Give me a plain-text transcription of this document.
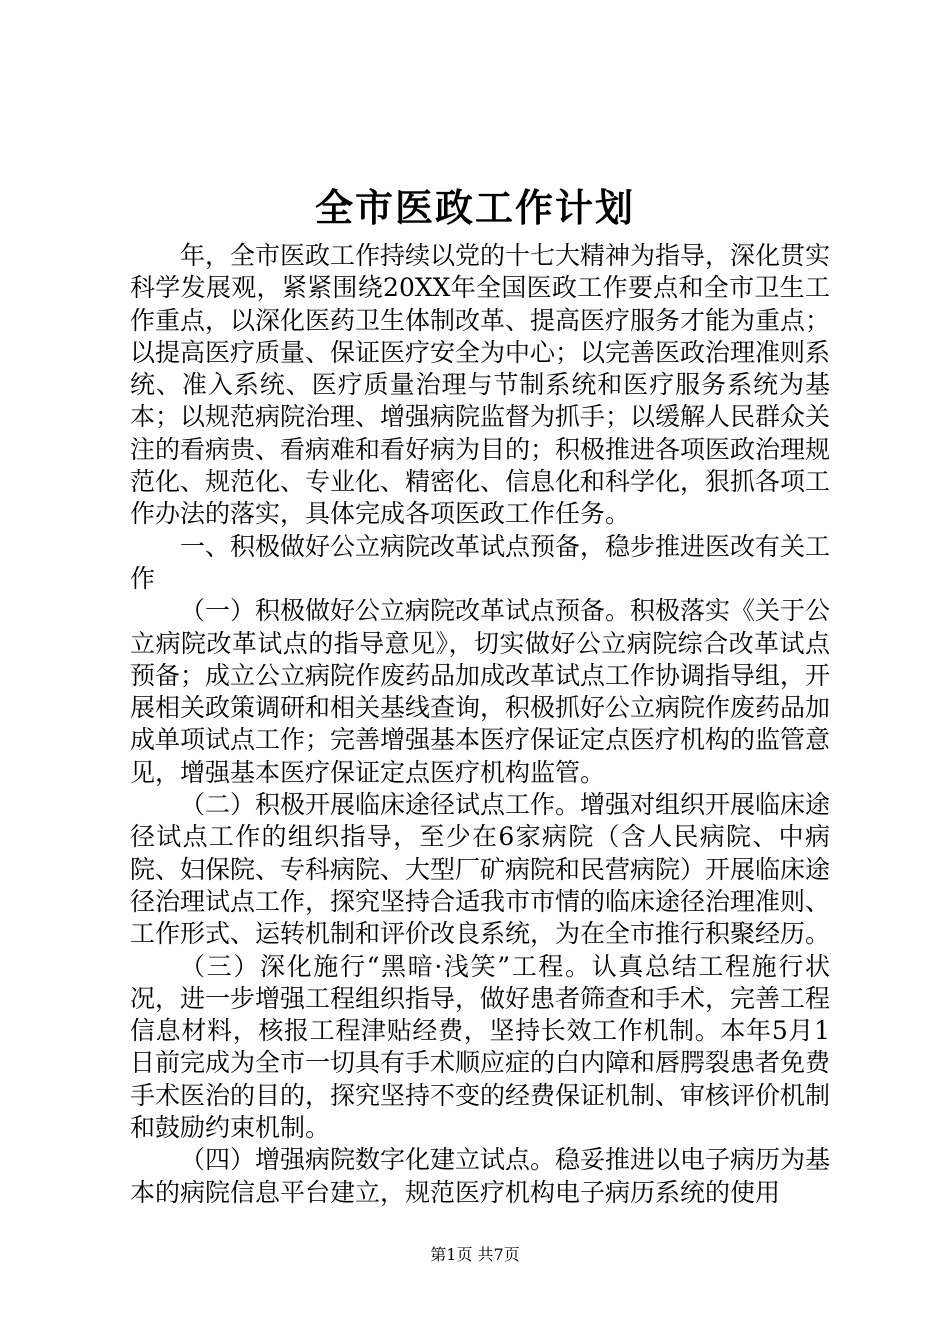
全市医政工作计划

年，全市医政工作持续以党的十七大精神为指导，深化贯实科学发展观，紧紧围绕20XX年全国医政工作要点和全市卫生工作重点，以深化医药卫生体制改革、提高医疗服务才能为重点；以提高医疗质量、保证医疗安全为中心；以完善医政治理准则系统、准入系统、医疗质量治理与节制系统和医疗服务系统为基本；以规范病院治理、增强病院监督为抓手；以缓解人民群众关注的看病贵、看病难和看好病为目的；积极推进各项医政治理规范化、规范化、专业化、精密化、信息化和科学化，狠抓各项工作办法的落实，具体完成各项医政工作任务。

一、积极做好公立病院改革试点预备，稳步推进医改有关工作

（一）积极做好公立病院改革试点预备。积极落实《关于公立病院改革试点的指导意见》，切实做好公立病院综合改革试点预备；成立公立病院作废药品加成改革试点工作协调指导组，开展相关政策调研和相关基线查询，积极抓好公立病院作废药品加成单项试点工作；完善增强基本医疗保证定点医疗机构的监管意见，增强基本医疗保证定点医疗机构监管。

（二）积极开展临床途径试点工作。增强对组织开展临床途径试点工作的组织指导，至少在6家病院（含人民病院、中病院、妇保院、专科病院、大型厂矿病院和民营病院）开展临床途径治理试点工作，探究坚持合适我市市情的临床途径治理准则、工作形式、运转机制和评价改良系统，为在全市推行积聚经历。

（三）深化施行“黑暗·浅笑”工程。认真总结工程施行状况，进一步增强工程组织指导，做好患者筛查和手术，完善工程信息材料，核报工程津贴经费，坚持长效工作机制。本年5月1日前完成为全市一切具有手术顺应症的白内障和唇腭裂患者免费手术医治的目的，探究坚持不变的经费保证机制、审核评价机制和鼓励约束机制。

（四）增强病院数字化建立试点。稳妥推进以电子病历为基本的病院信息平台建立，规范医疗机构电子病历系统的使用

第1页 共7页
